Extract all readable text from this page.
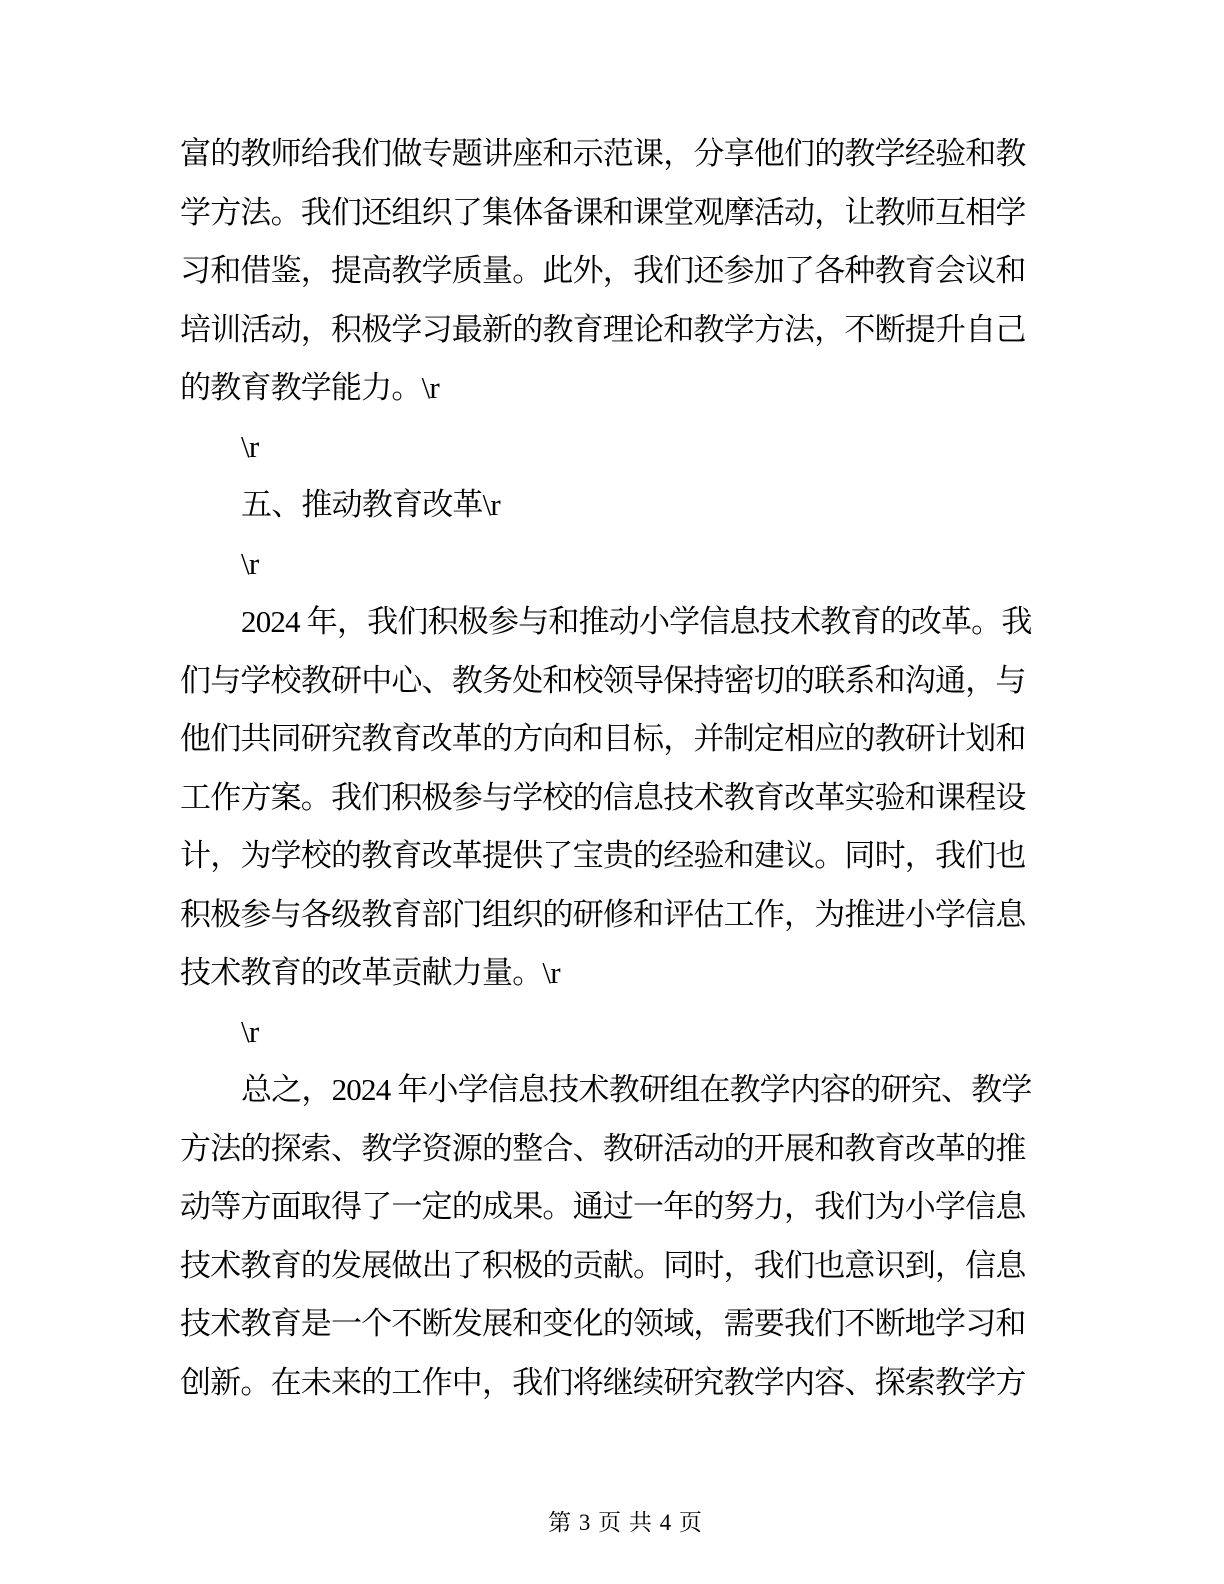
富的教师给我们做专题讲座和示范课，分享他们的教学经验和教
学方法。我们还组织了集体备课和课堂观摩活动，让教师互相学
习和借鉴，提高教学质量。此外，我们还参加了各种教育会议和
培训活动，积极学习最新的教育理论和教学方法，不断提升自己
的教育教学能力。\r
\r
五、推动教育改革\r
\r
2024 年，我们积极参与和推动小学信息技术教育的改革。我
们与学校教研中心、教务处和校领导保持密切的联系和沟通，与
他们共同研究教育改革的方向和目标，并制定相应的教研计划和
工作方案。我们积极参与学校的信息技术教育改革实验和课程设
计，为学校的教育改革提供了宝贵的经验和建议。同时，我们也
积极参与各级教育部门组织的研修和评估工作，为推进小学信息
技术教育的改革贡献力量。\r
\r
总之，2024 年小学信息技术教研组在教学内容的研究、教学
方法的探索、教学资源的整合、教研活动的开展和教育改革的推
动等方面取得了一定的成果。通过一年的努力，我们为小学信息
技术教育的发展做出了积极的贡献。同时，我们也意识到，信息
技术教育是一个不断发展和变化的领域，需要我们不断地学习和
创新。在未来的工作中，我们将继续研究教学内容、探索教学方

第 3 页 共 4 页
